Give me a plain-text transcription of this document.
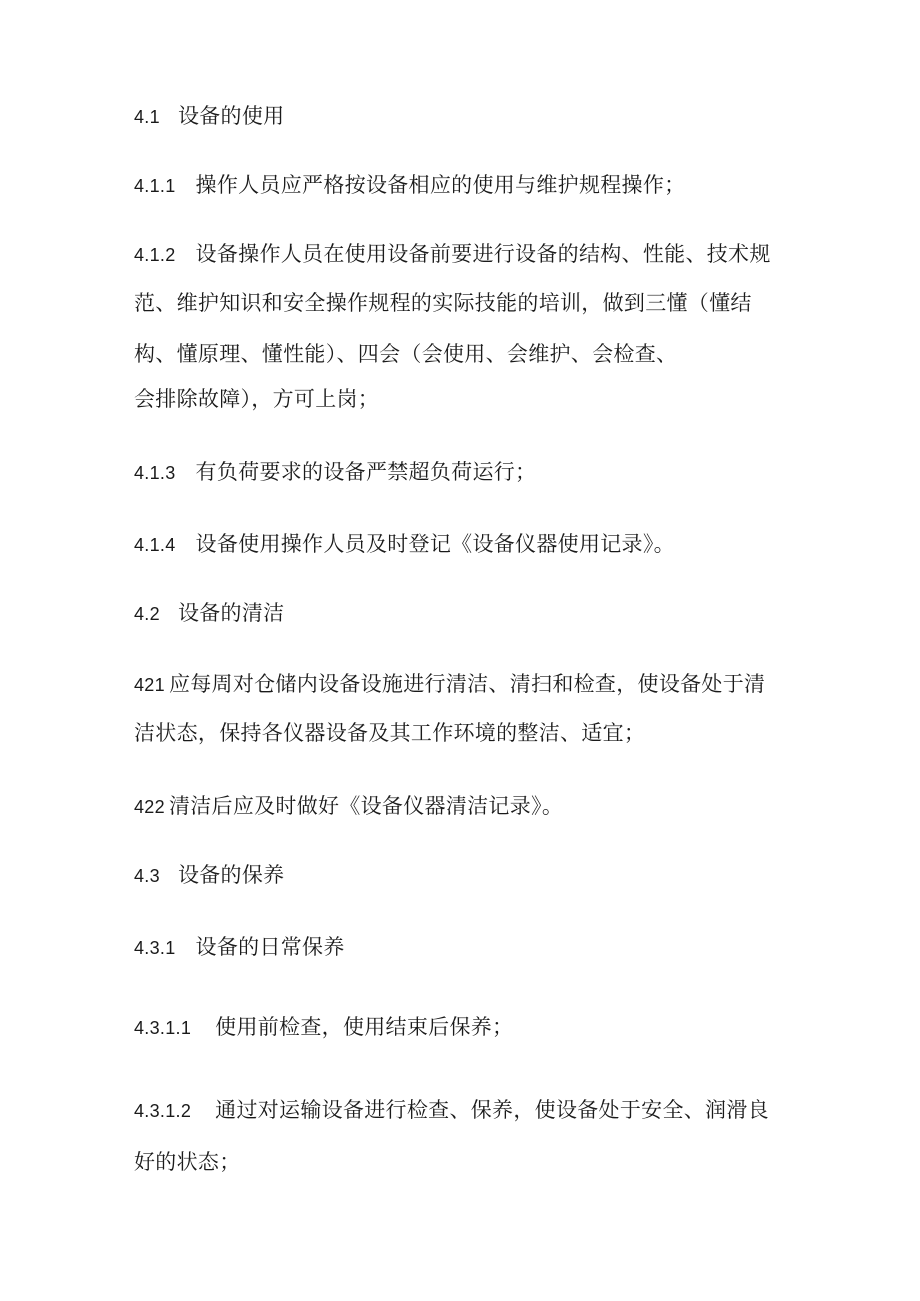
4.1 设备的使用
4.1.1 操作人员应严格按设备相应的使用与维护规程操作；
4.1.2 设备操作人员在使用设备前要进行设备的结构、性能、技术规
范、维护知识和安全操作规程的实际技能的培训，做到三懂（懂结
构、懂原理、懂性能）、四会（会使用、会维护、会检查、
会排除故障），方可上岗；
4.1.3 有负荷要求的设备严禁超负荷运行；
4.1.4 设备使用操作人员及时登记《设备仪器使用记录》。
4.2 设备的清洁
421 应每周对仓储内设备设施进行清洁、清扫和检查，使设备处于清
洁状态，保持各仪器设备及其工作环境的整洁、适宜；
422 清洁后应及时做好《设备仪器清洁记录》。
4.3 设备的保养
4.3.1 设备的日常保养
4.3.1.1 使用前检查，使用结束后保养；
4.3.1.2 通过对运输设备进行检查、保养，使设备处于安全、润滑良
好的状态；
